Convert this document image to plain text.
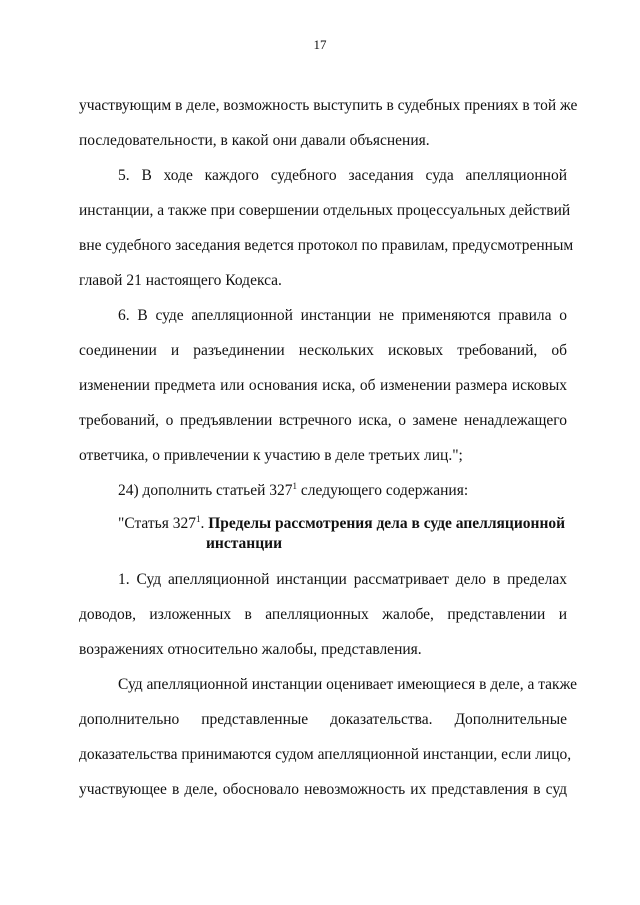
17
участвующим в деле, возможность выступить в судебных прениях в той же
последовательности, в какой они давали объяснения.
5. В ходе каждого судебного заседания суда апелляционной
инстанции, а также при совершении отдельных процессуальных действий
вне судебного заседания ведется протокол по правилам, предусмотренным
главой 21 настоящего Кодекса.
6. В суде апелляционной инстанции не применяются правила о
соединении и разъединении нескольких исковых требований, об
изменении предмета или основания иска, об изменении размера исковых
требований, о предъявлении встречного иска, о замене ненадлежащего
ответчика, о привлечении к участию в деле третьих лиц.";
24) дополнить статьей $327^1$ следующего содержания:
"Статья $327^1$. Пределы рассмотрения дела в суде апелляционной
инстанции
1. Суд апелляционной инстанции рассматривает дело в пределах
доводов, изложенных в апелляционных жалобе, представлении и
возражениях относительно жалобы, представления.
Суд апелляционной инстанции оценивает имеющиеся в деле, а также
дополнительно представленные доказательства. Дополнительные
доказательства принимаются судом апелляционной инстанции, если лицо,
участвующее в деле, обосновало невозможность их представления в суд
